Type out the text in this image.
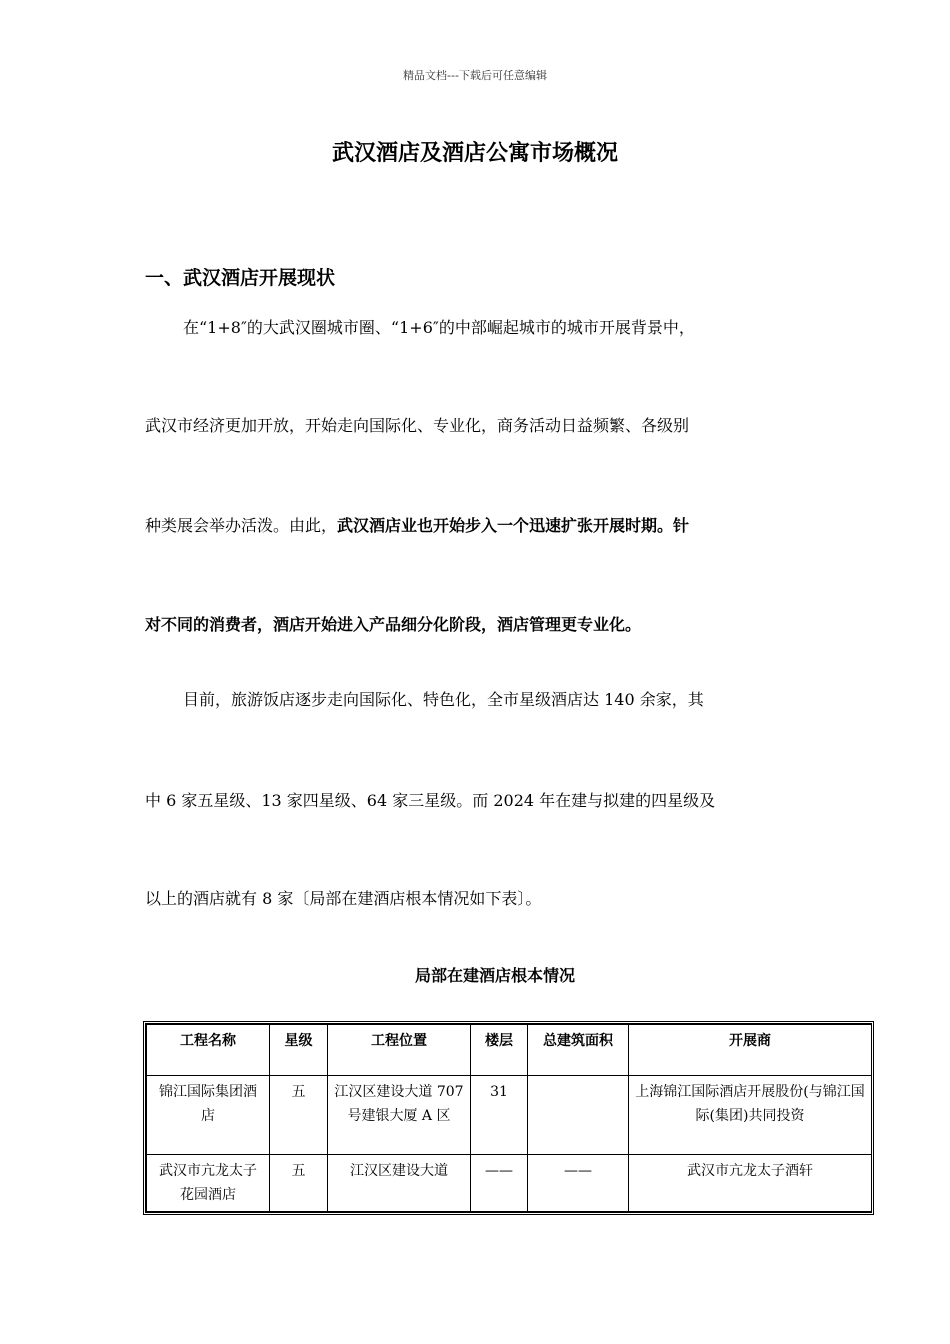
精品文档---下载后可任意编辑
武汉酒店及酒店公寓市场概况
一、武汉酒店开展现状
在“1+8″的大武汉圈城市圈、“1+6″的中部崛起城市的城市开展背景中，
武汉市经济更加开放，开始走向国际化、专业化，商务活动日益频繁、各级别
种类展会举办活泼。由此，武汉酒店业也开始步入一个迅速扩张开展时期。针
对不同的消费者，酒店开始进入产品细分化阶段，酒店管理更专业化。
目前，旅游饭店逐步走向国际化、特色化，全市星级酒店达 140 余家，其
中 6 家五星级、13 家四星级、64 家三星级。而 2024 年在建与拟建的四星级及
以上的酒店就有 8 家〔局部在建酒店根本情况如下表〕。
局部在建酒店根本情况
工程名称	星级	工程位置	楼层	总建筑面积	开展商
锦江国际集团酒店	五	江汉区建设大道 707 号建银大厦 A 区	31		上海锦江国际酒店开展股份(与锦江国际(集团)共同投资
武汉市亢龙太子花园酒店	五	江汉区建设大道	——	——	武汉市亢龙太子酒轩
